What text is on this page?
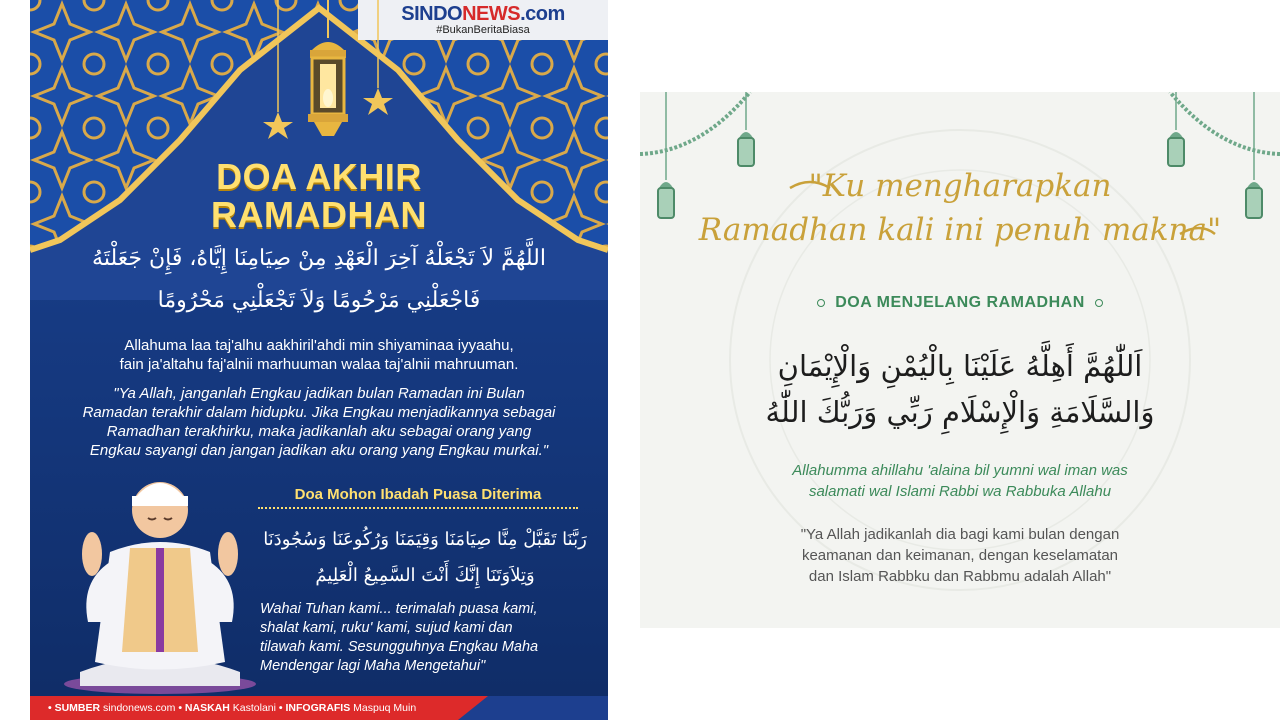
SINDONEWS.com
#BukanBeritaBiasa
DOA AKHIR
RAMADHAN
اللَّهُمَّ لاَ تَجْعَلْهُ آخِرَ الْعَهْدِ مِنْ صِيَامِنَا إِيَّاهُ، فَإِنْ جَعَلْتَهُ
فَاجْعَلْنِي مَرْحُومًا وَلاَ تَجْعَلْنِي مَحْرُومًا
Allahuma laa taj'alhu aakhiril'ahdi min shiyaminaa iyyaahu,
fain ja'altahu faj'alnii marhuuman walaa taj'alnii mahruuman.
"Ya Allah, janganlah Engkau jadikan bulan Ramadan ini Bulan
Ramadan terakhir dalam hidupku. Jika Engkau menjadikannya sebagai
Ramadhan terakhirku, maka jadikanlah aku sebagai orang yang
Engkau sayangi dan jangan jadikan aku orang yang Engkau murkai."
Doa Mohon Ibadah Puasa Diterima
رَبَّنَا تَقَبَّلْ مِنَّا صِيَامَنَا وَقِيَمَنَا وَرُكُوعَنَا وَسُجُودَنَا
وَتِلاَوَتَنَا إِنَّكَ أَنْتَ السَّمِيعُ الْعَلِيمُ
Wahai Tuhan kami... terimalah puasa kami,
shalat kami, ruku' kami, sujud kami dan
tilawah kami. Sesungguhnya Engkau Maha
Mendengar lagi Maha Mengetahui"
• SUMBER sindonews.com • NASKAH Kastolani • INFOGRAFIS Maspuq Muin
"Ku mengharapkan
Ramadhan kali ini penuh makna"
DOA MENJELANG RAMADHAN
اَللّٰهُمَّ أَهِلَّهُ عَلَيْنَا بِالْيُمْنِ وَالْإِيْمَانِ
وَالسَّلَامَةِ وَالْإِسْلَامِ رَبِّي وَرَبُّكَ اللّٰهُ
Allahumma ahillahu 'alaina bil yumni wal iman was
salamati wal Islami Rabbi wa Rabbuka Allahu
"Ya Allah jadikanlah dia bagi kami bulan dengan
keamanan dan keimanan, dengan keselamatan
dan Islam Rabbku dan Rabbmu adalah Allah"
